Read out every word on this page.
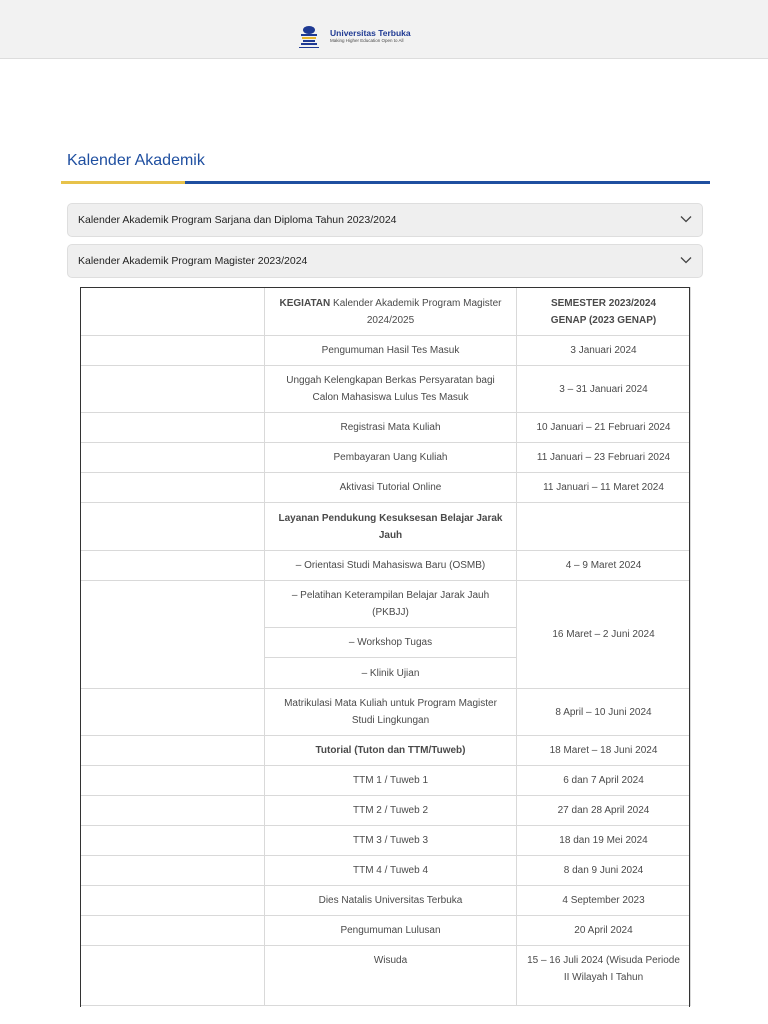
Universitas Terbuka
Making Higher Education Open to All
Kalender Akademik
Kalender Akademik Program Sarjana dan Diploma Tahun 2023/2024
Kalender Akademik Program Magister 2023/2024
	KEGIATAN Kalender Akademik Program Magister 2024/2025	SEMESTER 2023/2024
GENAP (2023 GENAP)
	Pengumuman Hasil Tes Masuk	3 Januari 2024
	Unggah Kelengkapan Berkas Persyaratan bagi Calon Mahasiswa Lulus Tes Masuk	3 – 31 Januari 2024
	Registrasi Mata Kuliah	10 Januari – 21 Februari 2024
	Pembayaran Uang Kuliah	11 Januari – 23 Februari 2024
	Aktivasi Tutorial Online	11 Januari – 11 Maret 2024
	Layanan Pendukung Kesuksesan Belajar Jarak Jauh	
	– Orientasi Studi Mahasiswa Baru (OSMB)	4 – 9 Maret 2024
	– Pelatihan Keterampilan Belajar Jarak Jauh (PKBJJ)	16 Maret – 2 Juni 2024
	– Workshop Tugas	
	– Klinik Ujian	
	Matrikulasi Mata Kuliah untuk Program Magister Studi Lingkungan	8 April – 10 Juni 2024
	Tutorial (Tuton dan TTM/Tuweb)	18 Maret – 18 Juni 2024
	TTM 1 / Tuweb 1	6 dan 7 April 2024
	TTM 2 / Tuweb 2	27 dan 28 April 2024
	TTM 3 / Tuweb 3	18 dan 19 Mei 2024
	TTM 4 / Tuweb 4	8 dan 9 Juni 2024
	Dies Natalis Universitas Terbuka	4 September 2023
	Pengumuman Lulusan	20 April 2024
	Wisuda	15 – 16 Juli 2024 (Wisuda Periode II Wilayah I Tahun
